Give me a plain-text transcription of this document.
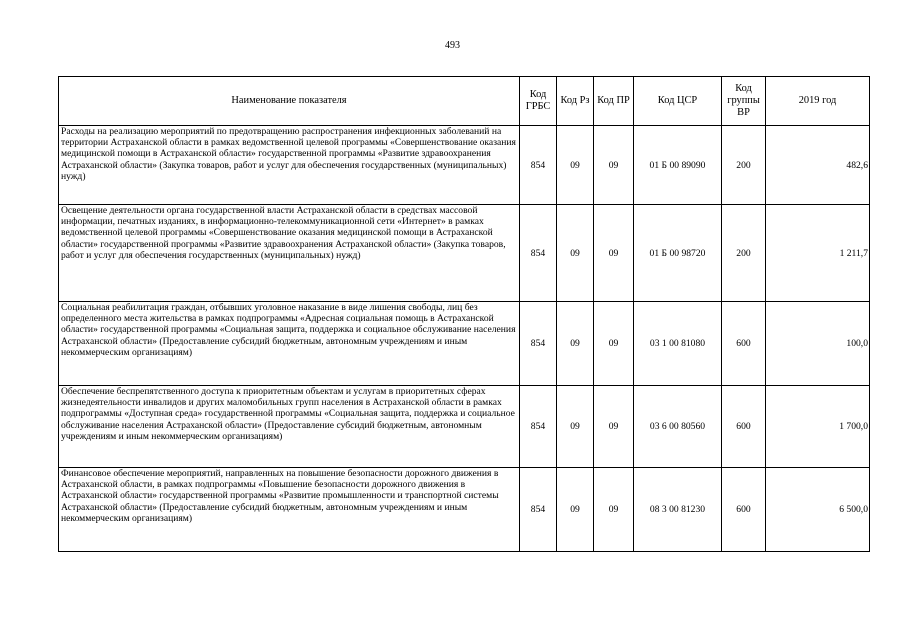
493
Наименование показателя	Код ГРБС	Код Рз	Код ПР	Код ЦСР	Код группы ВР	2019 год
Расходы на реализацию мероприятий по предотвращению распространения инфекционных заболеваний на территории Астраханской области в рамках ведомственной целевой программы «Совершенствование оказания медицинской помощи в Астраханской области» государственной программы «Развитие здравоохранения Астраханской области» (Закупка товаров, работ и услуг для обеспечения государственных (муниципальных) нужд)	854	09	09	01 Б 00 89090	200	482,6
Освещение деятельности органа государственной власти Астраханской области в средствах массовой информации, печатных изданиях, в информационно-телекоммуникационной сети «Интернет» в рамках ведомственной целевой программы «Совершенствование оказания медицинской помощи в Астраханской области» государственной программы «Развитие здравоохранения Астраханской области» (Закупка товаров, работ и услуг для обеспечения государственных (муниципальных) нужд)	854	09	09	01 Б 00 98720	200	1 211,7
Социальная реабилитация граждан, отбывших уголовное наказание в виде лишения свободы, лиц без определенного места жительства в рамках подпрограммы «Адресная социальная помощь в Астраханской области» государственной программы «Социальная защита, поддержка и социальное обслуживание населения Астраханской области» (Предоставление субсидий бюджетным, автономным учреждениям и иным некоммерческим организациям)	854	09	09	03 1 00 81080	600	100,0
Обеспечение беспрепятственного доступа к приоритетным объектам и услугам в приоритетных сферах жизнедеятельности инвалидов и других маломобильных групп населения в Астраханской области в рамках подпрограммы «Доступная среда» государственной программы «Социальная защита, поддержка и социальное обслуживание населения Астраханской области» (Предоставление субсидий бюджетным, автономным учреждениям и иным некоммерческим организациям)	854	09	09	03 6 00 80560	600	1 700,0
Финансовое обеспечение мероприятий, направленных на повышение безопасности дорожного движения в Астраханской области, в рамках подпрограммы «Повышение безопасности дорожного движения в Астраханской области» государственной программы «Развитие промышленности и транспортной системы Астраханской области» (Предоставление субсидий бюджетным, автономным учреждениям и иным некоммерческим организациям)	854	09	09	08 3 00 81230	600	6 500,0
